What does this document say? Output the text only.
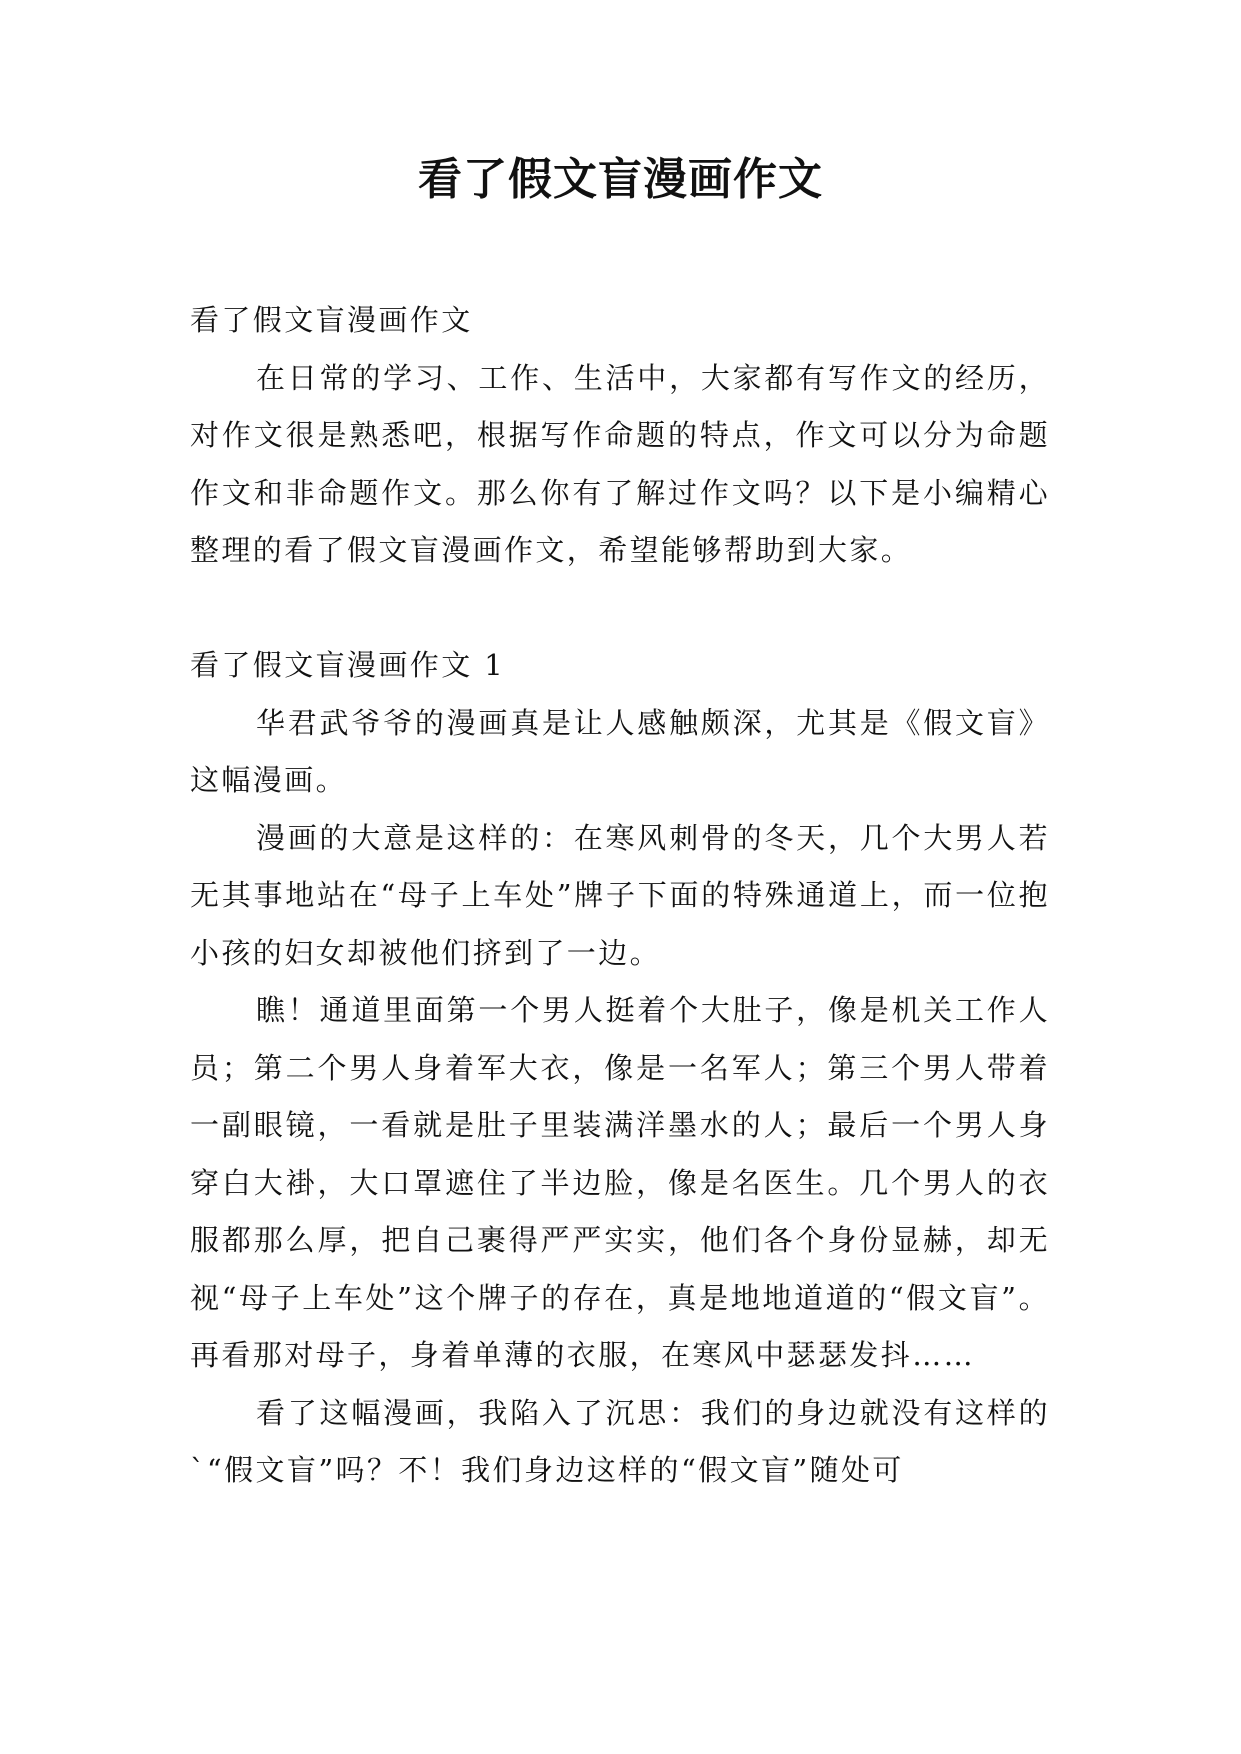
看了假文盲漫画作文

看了假文盲漫画作文

在日常的学习、工作、生活中，大家都有写作文的经历，对作文很是熟悉吧，根据写作命题的特点，作文可以分为命题作文和非命题作文。那么你有了解过作文吗？以下是小编精心整理的看了假文盲漫画作文，希望能够帮助到大家。

看了假文盲漫画作文 1

华君武爷爷的漫画真是让人感触颇深，尤其是《假文盲》这幅漫画。

漫画的大意是这样的：在寒风刺骨的冬天，几个大男人若无其事地站在“母子上车处”牌子下面的特殊通道上，而一位抱小孩的妇女却被他们挤到了一边。

瞧！通道里面第一个男人挺着个大肚子，像是机关工作人员；第二个男人身着军大衣，像是一名军人；第三个男人带着一副眼镜，一看就是肚子里装满洋墨水的人；最后一个男人身穿白大褂，大口罩遮住了半边脸，像是名医生。几个男人的衣服都那么厚，把自己裹得严严实实，他们各个身份显赫，却无视“母子上车处”这个牌子的存在，真是地地道道的“假文盲”。再看那对母子，身着单薄的衣服，在寒风中瑟瑟发抖……

看了这幅漫画，我陷入了沉思：我们的身边就没有这样的`“假文盲”吗？不！我们身边这样的“假文盲”随处可
